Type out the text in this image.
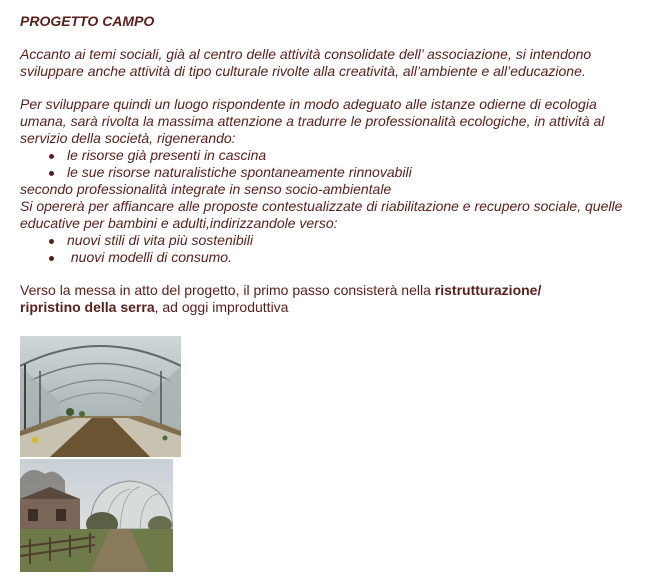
PROGETTO CAMPO
Accanto ai temi sociali, già al centro delle attività consolidate dell’ associazione, si intendono
sviluppare anche attività di tipo culturale rivolte alla creatività, all’ambiente e all’educazione.
Per sviluppare quindi un luogo rispondente in modo adeguato alle istanze odierne di ecologia
umana, sarà rivolta la massima attenzione a tradurre le professionalità ecologiche, in attività al
servizio della società, rigenerando:
le risorse già presenti in cascina
le sue risorse naturalistiche spontaneamente rinnovabili
secondo professionalità integrate in senso socio-ambientale
Si opererà per affiancare alle proposte contestualizzate di riabilitazione e recupero sociale, quelle
educative per bambini e adulti,indirizzandole verso:
nuovi stili di vita più sostenibili
nuovi modelli di consumo.
Verso la messa in atto del progetto, il primo passo consisterà nella ristrutturazione/
ripristino della serra, ad oggi improduttiva
